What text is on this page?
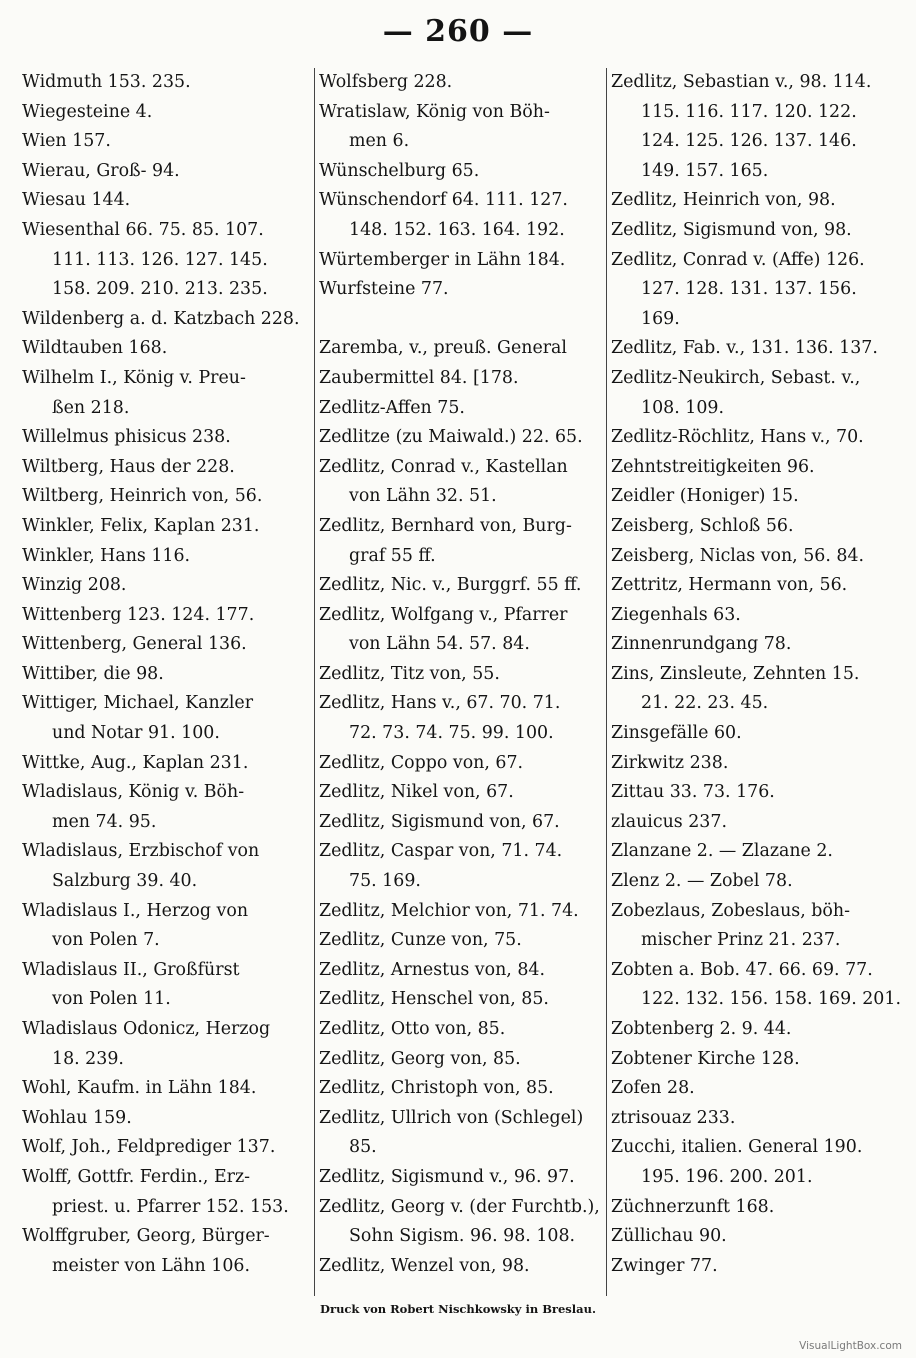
— 260 —
Widmuth 153. 235.
Wiegesteine 4.
Wien 157.
Wierau, Groß- 94.
Wiesau 144.
Wiesenthal 66. 75. 85. 107.
111. 113. 126. 127. 145.
158. 209. 210. 213. 235.
Wildenberg a. d. Katzbach 228.
Wildtauben 168.
Wilhelm I., König v. Preu-
ßen 218.
Willelmus phisicus 238.
Wiltberg, Haus der 228.
Wiltberg, Heinrich von, 56.
Winkler, Felix, Kaplan 231.
Winkler, Hans 116.
Winzig 208.
Wittenberg 123. 124. 177.
Wittenberg, General 136.
Wittiber, die 98.
Wittiger, Michael, Kanzler
und Notar 91. 100.
Wittke, Aug., Kaplan 231.
Wladislaus, König v. Böh-
men 74. 95.
Wladislaus, Erzbischof von
Salzburg 39. 40.
Wladislaus I., Herzog von
von Polen 7.
Wladislaus II., Großfürst
von Polen 11.
Wladislaus Odonicz, Herzog
18. 239.
Wohl, Kaufm. in Lähn 184.
Wohlau 159.
Wolf, Joh., Feldprediger 137.
Wolff, Gottfr. Ferdin., Erz-
priest. u. Pfarrer 152. 153.
Wolffgruber, Georg, Bürger-
meister von Lähn 106.
Wolfsberg 228.
Wratislaw, König von Böh-
men 6.
Wünschelburg 65.
Wünschendorf 64. 111. 127.
148. 152. 163. 164. 192.
Würtemberger in Lähn 184.
Wurfsteine 77.
Zaremba, v., preuß. General
Zaubermittel 84. [178.
Zedlitz-Affen 75.
Zedlitze (zu Maiwald.) 22. 65.
Zedlitz, Conrad v., Kastellan
von Lähn 32. 51.
Zedlitz, Bernhard von, Burg-
graf 55 ff.
Zedlitz, Nic. v., Burggrf. 55 ff.
Zedlitz, Wolfgang v., Pfarrer
von Lähn 54. 57. 84.
Zedlitz, Titz von, 55.
Zedlitz, Hans v., 67. 70. 71.
72. 73. 74. 75. 99. 100.
Zedlitz, Coppo von, 67.
Zedlitz, Nikel von, 67.
Zedlitz, Sigismund von, 67.
Zedlitz, Caspar von, 71. 74.
75. 169.
Zedlitz, Melchior von, 71. 74.
Zedlitz, Cunze von, 75.
Zedlitz, Arnestus von, 84.
Zedlitz, Henschel von, 85.
Zedlitz, Otto von, 85.
Zedlitz, Georg von, 85.
Zedlitz, Christoph von, 85.
Zedlitz, Ullrich von (Schlegel)
85.
Zedlitz, Sigismund v., 96. 97.
Zedlitz, Georg v. (der Furchtb.),
Sohn Sigism. 96. 98. 108.
Zedlitz, Wenzel von, 98.
Zedlitz, Sebastian v., 98. 114.
115. 116. 117. 120. 122.
124. 125. 126. 137. 146.
149. 157. 165.
Zedlitz, Heinrich von, 98.
Zedlitz, Sigismund von, 98.
Zedlitz, Conrad v. (Affe) 126.
127. 128. 131. 137. 156.
169.
Zedlitz, Fab. v., 131. 136. 137.
Zedlitz-Neukirch, Sebast. v.,
108. 109.
Zedlitz-Röchlitz, Hans v., 70.
Zehntstreitigkeiten 96.
Zeidler (Honiger) 15.
Zeisberg, Schloß 56.
Zeisberg, Niclas von, 56. 84.
Zettritz, Hermann von, 56.
Ziegenhals 63.
Zinnenrundgang 78.
Zins, Zinsleute, Zehnten 15.
21. 22. 23. 45.
Zinsgefälle 60.
Zirkwitz 238.
Zittau 33. 73. 176.
zlauicus 237.
Zlanzane 2. — Zlazane 2.
Zlenz 2. — Zobel 78.
Zobezlaus, Zobeslaus, böh-
mischer Prinz 21. 237.
Zobten a. Bob. 47. 66. 69. 77.
122. 132. 156. 158. 169. 201.
Zobtenberg 2. 9. 44.
Zobtener Kirche 128.
Zofen 28.
ztrisouaz 233.
Zucchi, italien. General 190.
195. 196. 200. 201.
Züchnerzunft 168.
Züllichau 90.
Zwinger 77.
Druck von Robert Nischkowsky in Breslau.
VisualLightBox.com
